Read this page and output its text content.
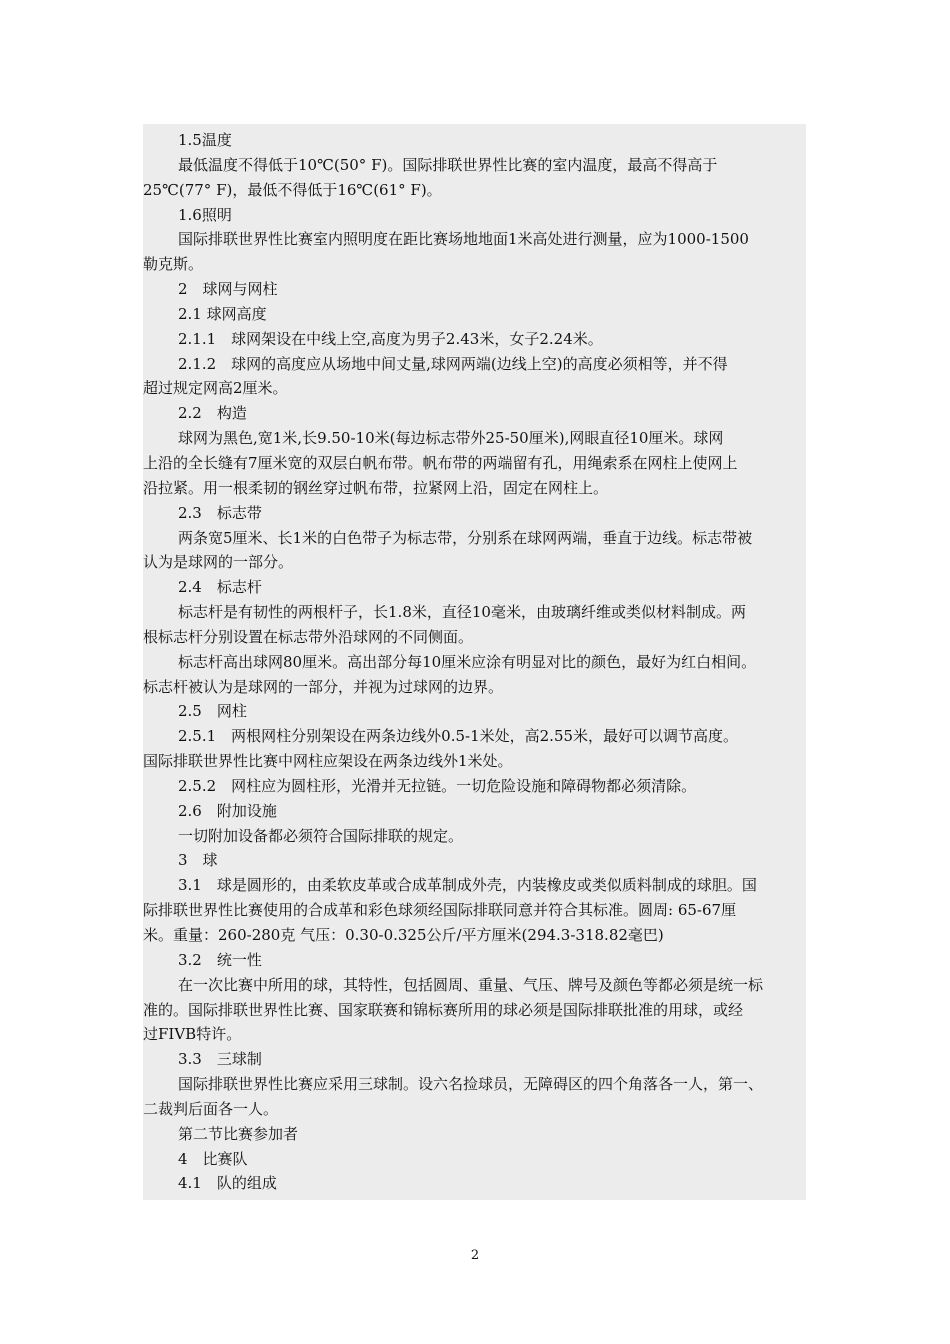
1.5温度
最低温度不得低于10℃(50° F)。国际排联世界性比赛的室内温度，最高不得高于
25℃(77° F)，最低不得低于16℃(61° F)。
1.6照明
国际排联世界性比赛室内照明度在距比赛场地地面1米高处进行测量，应为1000-1500
勒克斯。
2　球网与网柱
2.1 球网高度
2.1.1　球网架设在中线上空,高度为男子2.43米，女子2.24米。
2.1.2　球网的高度应从场地中间丈量,球网两端(边线上空)的高度必须相等，并不得
超过规定网高2厘米。
2.2　构造
球网为黑色,宽1米,长9.50-10米(每边标志带外25-50厘米),网眼直径10厘米。球网
上沿的全长缝有7厘米宽的双层白帆布带。帆布带的两端留有孔，用绳索系在网柱上使网上
沿拉紧。用一根柔韧的钢丝穿过帆布带，拉紧网上沿，固定在网柱上。
2.3　标志带
两条宽5厘米、长1米的白色带子为标志带，分别系在球网两端，垂直于边线。标志带被
认为是球网的一部分。
2.4　标志杆
标志杆是有韧性的两根杆子，长1.8米，直径10毫米，由玻璃纤维或类似材料制成。两
根标志杆分别设置在标志带外沿球网的不同侧面。
标志杆高出球网80厘米。高出部分每10厘米应涂有明显对比的颜色，最好为红白相间。
标志杆被认为是球网的一部分，并视为过球网的边界。
2.5　网柱
2.5.1　两根网柱分别架设在两条边线外0.5-1米处，高2.55米，最好可以调节高度。
国际排联世界性比赛中网柱应架设在两条边线外1米处。
2.5.2　网柱应为圆柱形，光滑并无拉链。一切危险设施和障碍物都必须清除。
2.6　附加设施
一切附加设备都必须符合国际排联的规定。
3　球
3.1　球是圆形的，由柔软皮革或合成革制成外壳，内装橡皮或类似质料制成的球胆。国
际排联世界性比赛使用的合成革和彩色球须经国际排联同意并符合其标准。圆周: 65-67厘
米。重量：260-280克 气压：0.30-0.325公斤/平方厘米(294.3-318.82毫巴)
3.2　统一性
在一次比赛中所用的球，其特性，包括圆周、重量、气压、牌号及颜色等都必须是统一标
准的。国际排联世界性比赛、国家联赛和锦标赛所用的球必须是国际排联批准的用球，或经
过FIVB特许。
3.3　三球制
国际排联世界性比赛应采用三球制。设六名捡球员，无障碍区的四个角落各一人，第一、
二裁判后面各一人。
第二节比赛参加者
4　比赛队
4.1　队的组成
2
